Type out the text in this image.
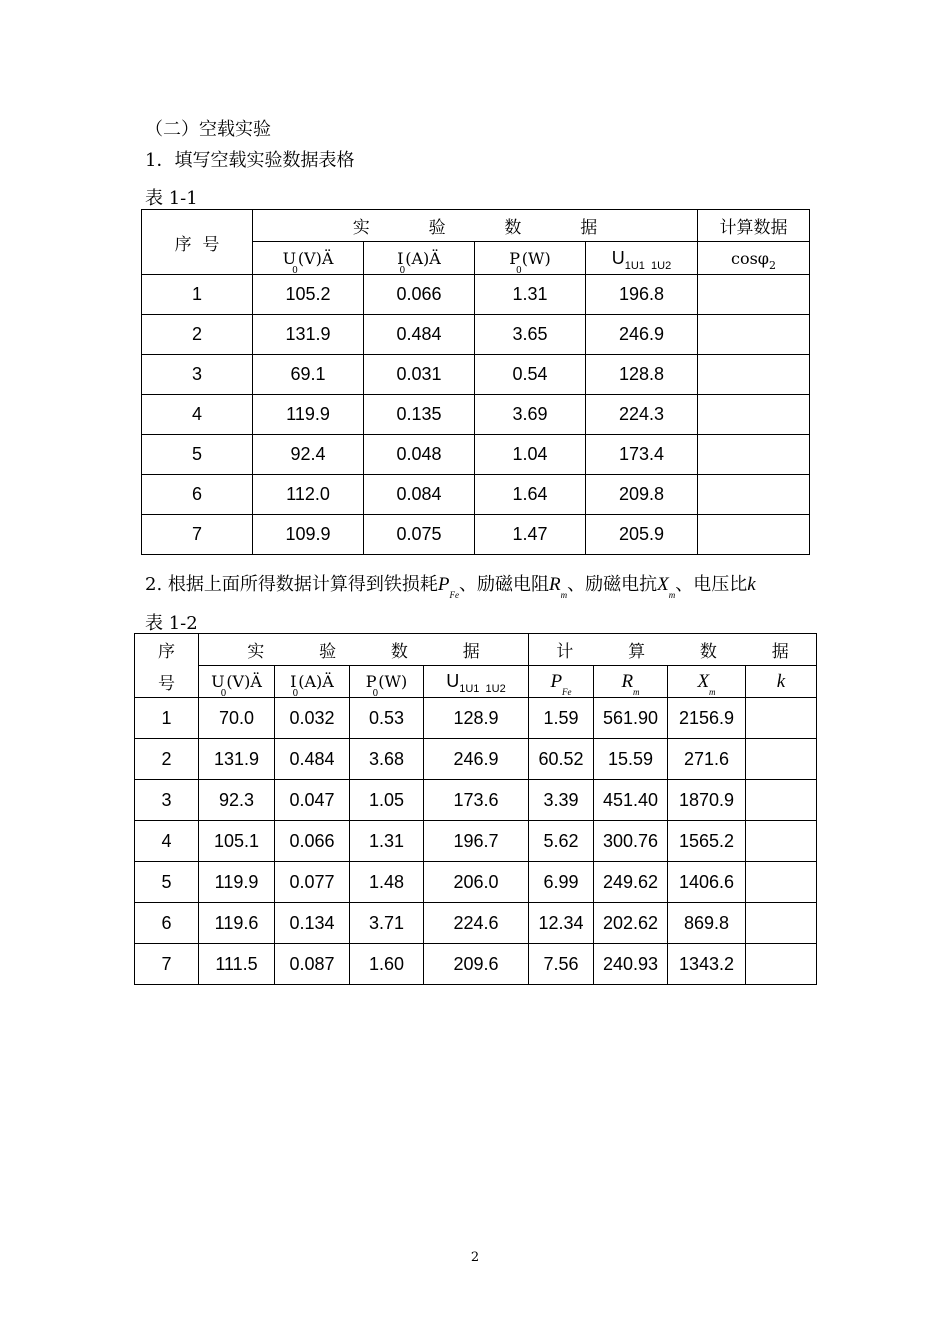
（二）空载实验
1．填写空载实验数据表格
表 1-1
序  号	实  验  数  据				计算数据
	$U_0(V)Ä$	$I_0(A)Ä$	$P_0(W)$	$U_{1U1 1U2}$	cosφ$_2$
1	105.2	0.066	1.31	196.8	
2	131.9	0.484	3.65	246.9	
3	69.1	0.031	0.54	128.8	
4	119.9	0.135	3.69	224.3	
5	92.4	0.048	1.04	173.4	
6	112.0	0.084	1.64	209.8	
7	109.9	0.075	1.47	205.9	
2. 根据上面所得数据计算得到铁损耗$P_{Fe}$、励磁电阻$R_m$、励磁电抗$X_m$、电压比k
表 1-2
序	实  验  数  据				计  算  数  据			
号	$U_0(V)Ä$	$I_0(A)Ä$	$P_0(W)$	$U_{1U1 1U2}$	$P_{Fe}$	$R_m$	$X_m$	k
1	70.0	0.032	0.53	128.9	1.59	561.90	2156.9	
2	131.9	0.484	3.68	246.9	60.52	15.59	271.6	
3	92.3	0.047	1.05	173.6	3.39	451.40	1870.9	
4	105.1	0.066	1.31	196.7	5.62	300.76	1565.2	
5	119.9	0.077	1.48	206.0	6.99	249.62	1406.6	
6	119.6	0.134	3.71	224.6	12.34	202.62	869.8	
7	111.5	0.087	1.60	209.6	7.56	240.93	1343.2	
2
